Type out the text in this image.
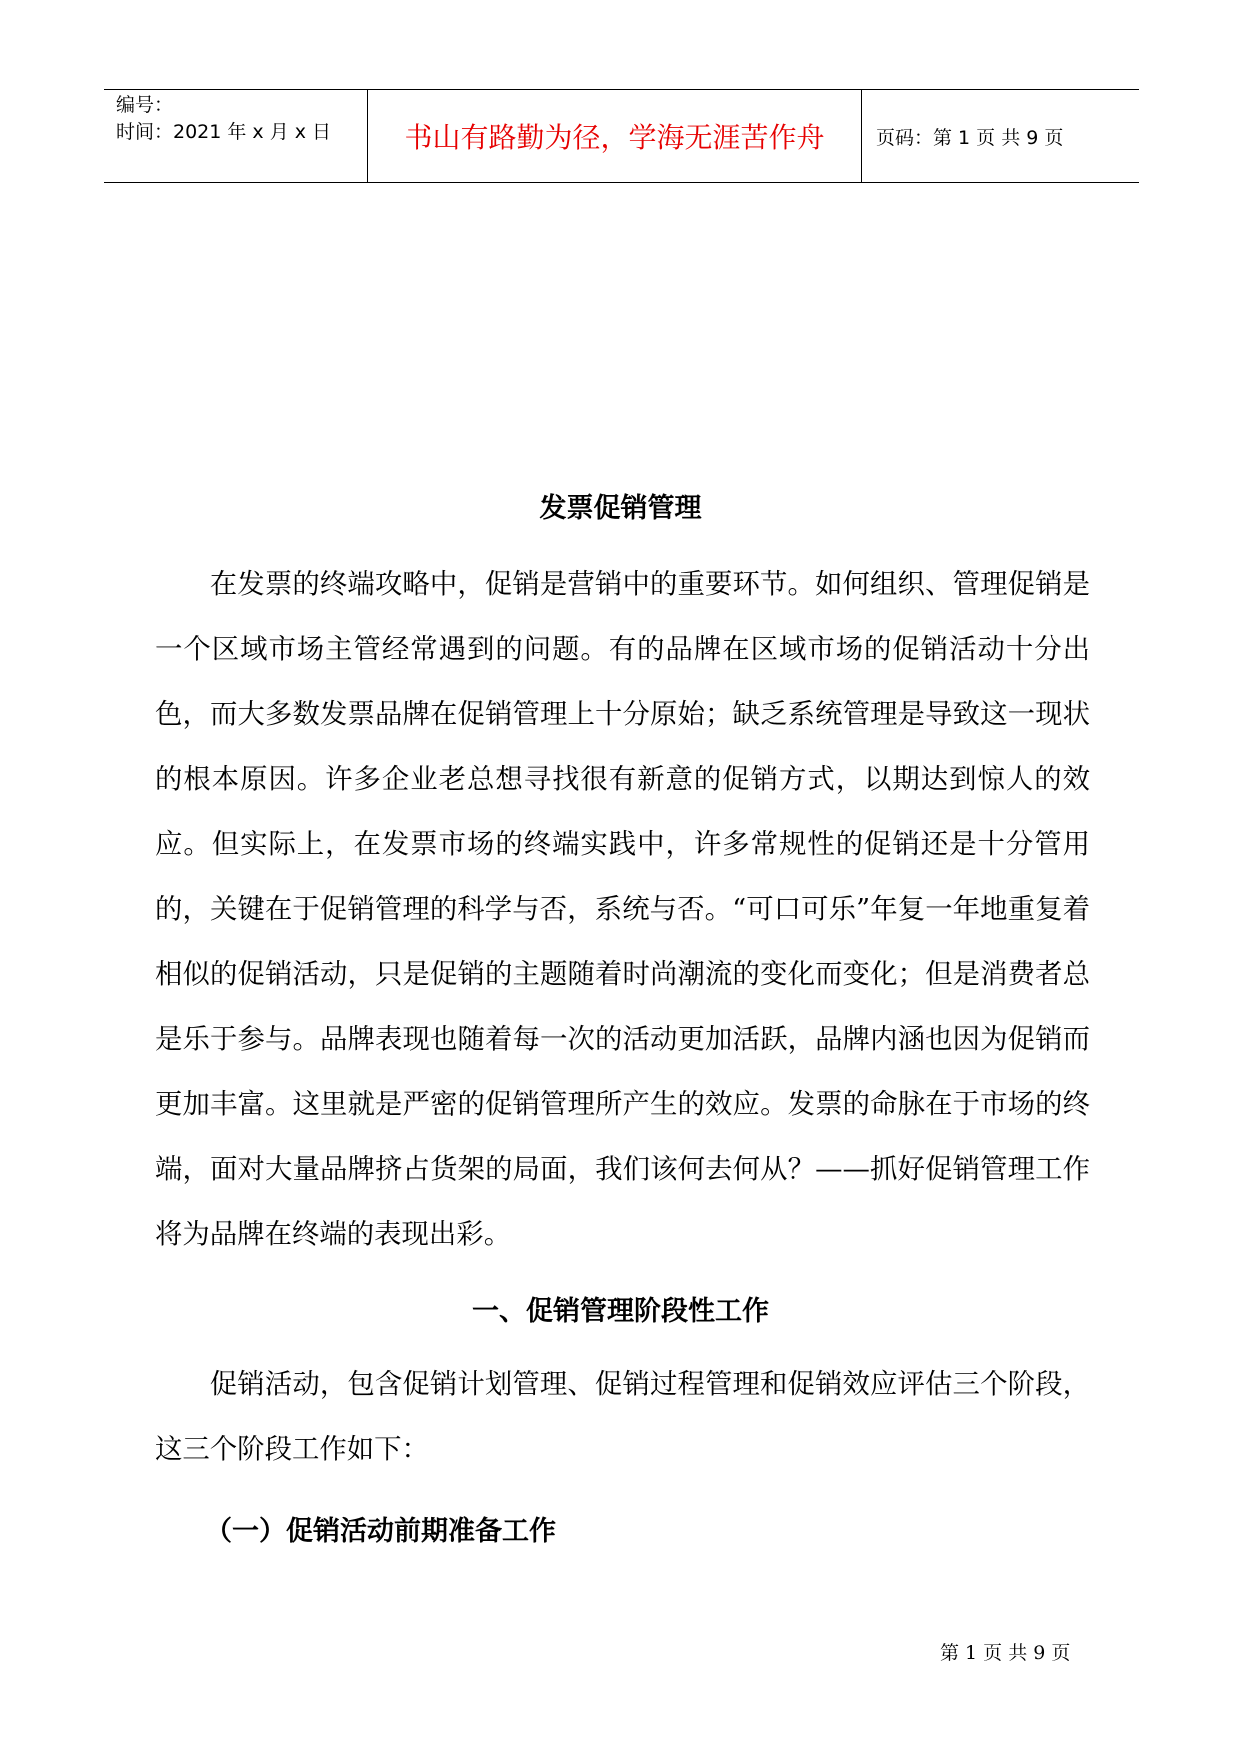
编号：
时间：2021 年 x 月 x 日	书山有路勤为径，学海无涯苦作舟	页码：第 1 页 共 9 页
发票促销管理

在发票的终端攻略中，促销是营销中的重要环节。如何组织、管理促销是一个区域市场主管经常遇到的问题。有的品牌在区域市场的促销活动十分出色，而大多数发票品牌在促销管理上十分原始；缺乏系统管理是导致这一现状的根本原因。许多企业老总想寻找很有新意的促销方式，以期达到惊人的效应。但实际上，在发票市场的终端实践中，许多常规性的促销还是十分管用的，关键在于促销管理的科学与否，系统与否。“可口可乐”年复一年地重复着相似的促销活动，只是促销的主题随着时尚潮流的变化而变化；但是消费者总是乐于参与。品牌表现也随着每一次的活动更加活跃，品牌内涵也因为促销而更加丰富。这里就是严密的促销管理所产生的效应。发票的命脉在于市场的终端，面对大量品牌挤占货架的局面，我们该何去何从？——抓好促销管理工作将为品牌在终端的表现出彩。

一、促销管理阶段性工作

促销活动，包含促销计划管理、促销过程管理和促销效应评估三个阶段，这三个阶段工作如下：

（一）促销活动前期准备工作
第 1 页 共 9 页
